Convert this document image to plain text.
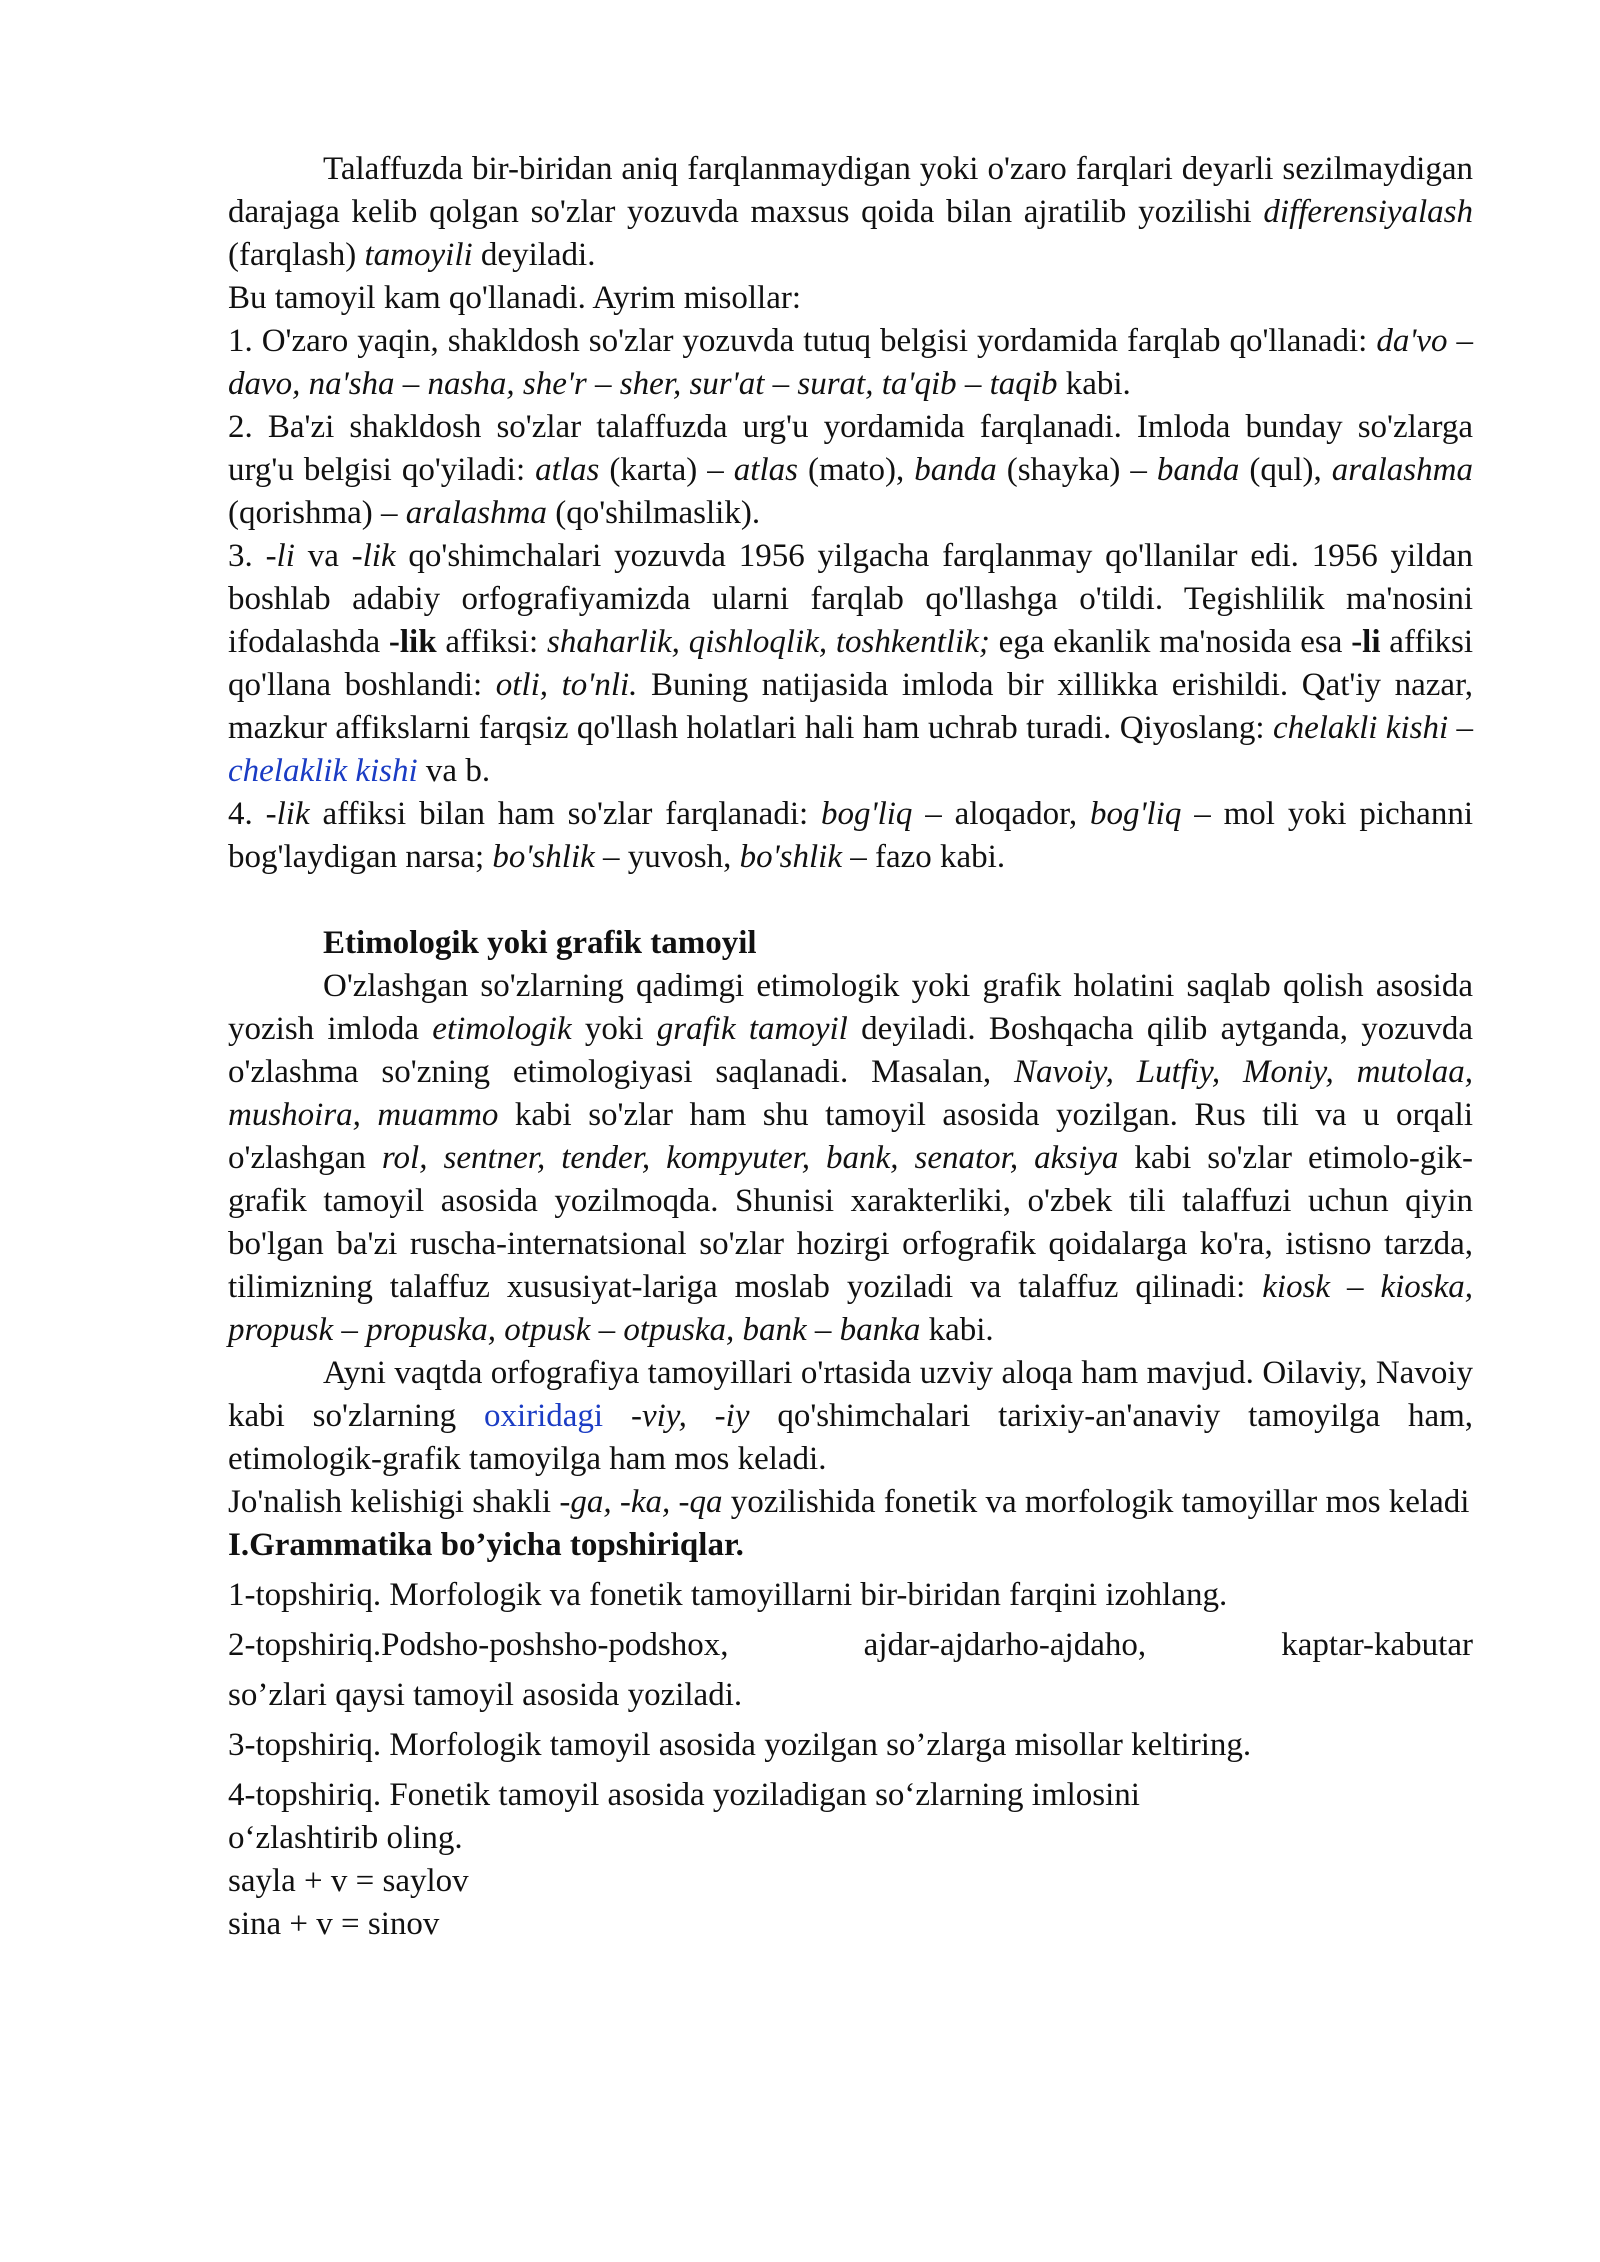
Talaffuzda bir-biridan aniq farqlanmaydigan yoki o'zaro farqlari deyarli sezilmaydigan darajaga kelib qolgan so'zlar yozuvda maxsus qoida bilan ajratilib yozilishi differensiyalash (farqlash) tamoyili deyiladi.

Bu tamoyil kam qo'llanadi. Ayrim misollar:

1. O'zaro yaqin, shakldosh so'zlar yozuvda tutuq belgisi yordamida farqlab qo'llanadi: da'vo – davo, na'sha – nasha, she'r – sher, sur'at – surat, ta'qib – taqib kabi.

2. Ba'zi shakldosh so'zlar talaffuzda urg'u yordamida farqlanadi. Imloda bunday so'zlarga urg'u belgisi qo'yiladi: atlas (karta) – atlas (mato), banda (shayka) – banda (qul), aralashma (qorishma) – aralashma (qo'shilmaslik).

3. -li va -lik qo'shimchalari yozuvda 1956 yilgacha farqlanmay qo'llanilar edi. 1956 yildan boshlab adabiy orfografiyamizda ularni farqlab qo'llashga o'tildi. Tegishlilik ma'nosini ifodalashda -lik affiksi: shaharlik, qishloqlik, toshkentlik; ega ekanlik ma'nosida esa -li affiksi qo'llana boshlandi: otli, to'nli. Buning natijasida imloda bir xillikka erishildi. Qat'iy nazar, mazkur affikslarni farqsiz qo'llash holatlari hali ham uchrab turadi. Qiyoslang: chelakli kishi – chelaklik kishi va b.

4. -lik affiksi bilan ham so'zlar farqlanadi: bog'liq – aloqador, bog'liq – mol yoki pichanni bog'laydigan narsa; bo'shlik – yuvosh, bo'shlik – fazo kabi.

Etimologik yoki grafik tamoyil

O'zlashgan so'zlarning qadimgi etimologik yoki grafik holatini saqlab qolish asosida yozish imloda etimologik yoki grafik tamoyil deyiladi. Boshqacha qilib aytganda, yozuvda o'zlashma so'zning etimologiyasi saqlanadi. Masalan, Navoiy, Lutfiy, Moniy, mutolaa, mushoira, muammo kabi so'zlar ham shu tamoyil asosida yozilgan. Rus tili va u orqali o'zlashgan rol, sentner, tender, kompyuter, bank, senator, aksiya kabi so'zlar etimolo-gik-grafik tamoyil asosida yozilmoqda. Shunisi xarakterliki, o'zbek tili talaffuzi uchun qiyin bo'lgan ba'zi ruscha-internatsional so'zlar hozirgi orfografik qoidalarga ko'ra, istisno tarzda, tilimizning talaffuz xususiyat-lariga moslab yoziladi va talaffuz qilinadi: kiosk – kioska, propusk – propuska, otpusk – otpuska, bank – banka kabi.

Ayni vaqtda orfografiya tamoyillari o'rtasida uzviy aloqa ham mavjud. Oilaviy, Navoiy kabi so'zlarning oxiridagi -viy, -iy qo'shimchalari tarixiy-an'anaviy tamoyilga ham, etimologik-grafik tamoyilga ham mos keladi.

Jo'nalish kelishigi shakli -ga, -ka, -qa yozilishida fonetik va morfologik tamoyillar mos keladi

I.Grammatika bo’yicha topshiriqlar.

1-topshiriq. Morfologik va fonetik tamoyillarni bir-biridan farqini izohlang.

2-topshiriq.Podsho-poshsho-podshox,	ajdar-ajdarho-ajdaho,	kaptar-kabutar

so’zlari qaysi tamoyil asosida yoziladi.

3-topshiriq. Morfologik tamoyil asosida yozilgan so’zlarga misollar keltiring.

4-topshiriq. Fonetik tamoyil asosida yoziladigan so‘zlarning imlosini

o‘zlashtirib oling.

sayla + v = saylov

sina + v = sinov
